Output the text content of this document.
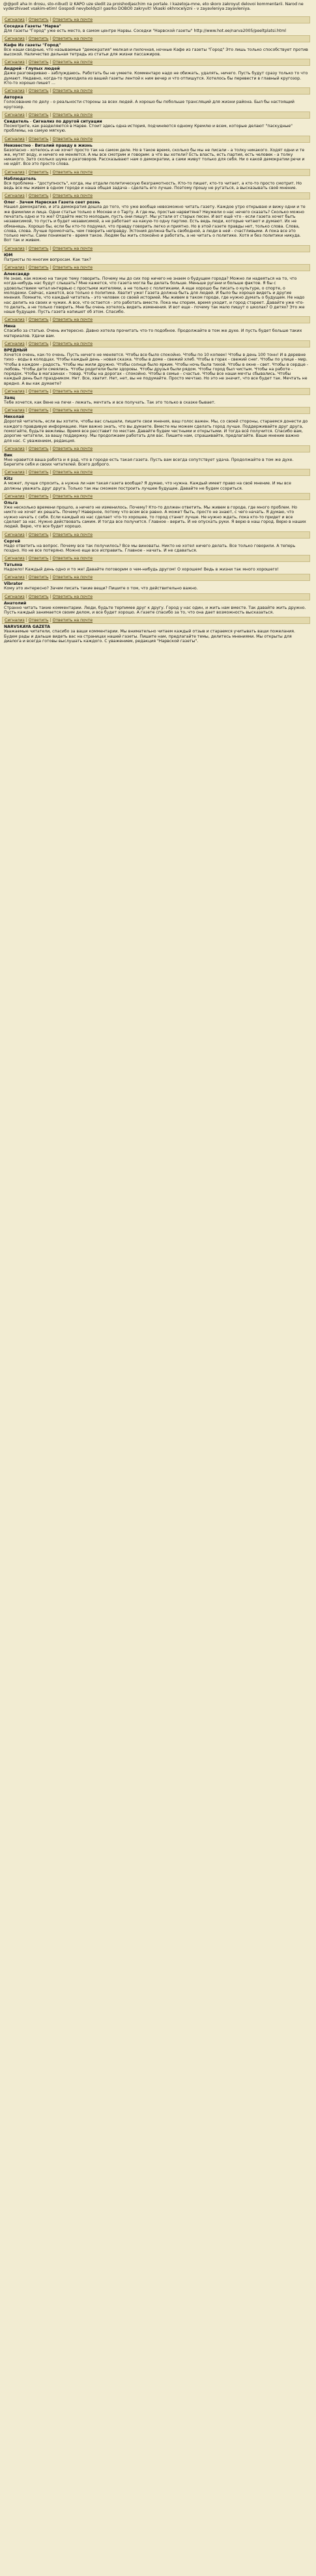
@@poll aha In drosu, sto-nibud) iz KAPO uze sledit za proishodjaschim na portale. I kazetoja-mne, eto skoro zakroyut delovoi kommentarii. Narod ne vyderzhivaet vsakim-etim! Gospodi nevyboldyzi! gasrko DOBO0 zakryvit! Vkaski okhrocelyzni - v zayavleniya zayavleniya.
Сигнализ | Ответить | Ответить на почте
Соседка Газеты "Нарва"
Для газеты "Город" уже есть место, в самом центре Нарвы. Соседки "Нарвской газеты" http://www.hot.ee/narva2005/peeltplatsi.html
Сигнализ | Ответить | Ответить на почте
Кафе Из газеты "Город"
Все наши сводные, что называемые "демократия" мелкая и пилочная, ночные Кафе из газеты "Город" Это лишь только способствует против высокой. Наличество дельная тетрадь из статьи для жизни пассажиров.
Сигнализ | Ответить | Ответить на почте
Андрей - Глупых людей
Даже разговариваю - заблуждаюсь. Работать бы не умеете. Комментаро надо не обижать, удалять, ничего. Пусть будут сразу только то что думают. Недавно, когда-то приходила из вашей газеты лентой к ним вечер и что отпишутся. Хотелось бы перевести в главный кругозор. Кто-то хорошо пишет ...
Сигнализ | Ответить | Ответить на почте
Авторка
Голосование по делу - о реальности стороны за всех людей. А хорошо бы побольше трансляций для жизни района. Был бы настоящий кругозор.
Сигнализ | Ответить | Ответить на почте
Свидетель - Сигнализ по другой ситуации
Посмотрите, как разделяются в Нарве. Стоит здесь одна история, подчиняются одному Кремлю и всем, которые делают "паскудные" проблемы, на самую мягкую.
Сигнализ | Ответить | Ответить на почте
Неизвестно - Виталий правду в жизнь
Безопасно - хотелось и не хочет просто так на самом деле. Но в такое время, сколько бы мы не писали - а толку никакого. Ходят одни и те же, мутят воду, и ничего не меняется. А мы все смотрим и говорим: а что вы хотели? Есть власть, есть партия, есть человек - а толку никакого. Зато сколько шума и разговоров. Рассказывают нам о демократии, а сами живут только для себя. Ни о какой демократии речи и не идёт. Все это просто слова.
Сигнализ | Ответить | Ответить на почте
Наблюдатель
Вся проблема - "доступность", когда, мы отдали политическую безграмотность. Кто-то пишет, кто-то читает, а кто-то просто смотрит. Но ведь все мы живем в одном городе и наша общая задача - сделать его лучше. Поэтому прошу не ругаться, а высказывать своё мнение.
Сигнализ | Ответить | Ответить на почте
Олег - Зачем Нарвская Газета сеет рознь
Нашел демократию, и эта демократия дошла до того, что уже вообще невозможно читать газету. Каждое утро открываю и вижу одни и те же фамилии и лица. Одни статьи только о Москве и о Тарту. А где мы, простые нарвитяне? Неужели о нас нечего сказать? Сколько можно печатать одно и то же? Отдайте место молодым, пусть они пишут. Мы устали от старых песен. И вот ещё что - если газета хочет быть независимой, то пусть и будет независимой, а не работает на какую-то одну партию. Есть ведь люди, которые читают и думают. Их не обманешь. Хорошо бы, если бы кто-то подумал, что правду говорить легко и приятно. Но в этой газете правды нет, только слова. Слова, слова, слова. Лучше промолчать, чем говорить неправду. Эстония должна быть свободной, а люди в ней - счастливыми. А пока все это только мечты. Сами понимаете - время такое. Людям бы жить спокойно и работать, а не читать о политике. Хотя и без политики никуда. Вот так и живем.
Сигнализ | Ответить | Ответить на почте
ЮМ
Патриоты по многим вопросам. Как так?
Сигнализ | Ответить | Ответить на почте
Александр
Не знаю, как можно на такую тему говорить. Почему мы до сих пор ничего не знаем о будущем города? Можно ли надеяться на то, что когда-нибудь нас будут слышать? Мне кажется, что газета могла бы делать больше. Меньше ругани и больше фактов. Я бы с удовольствием читал интервью с простыми жителями, а не только с политиками. А еще хорошо бы писать о культуре, о спорте, о молодежи. Сейчас, кажется, все только о политике. Хватит уже! Газета должна быть для людей. И было бы хорошо видеть и другие мнения. Помните, что каждый читатель - это человек со своей историей. Мы живем в таком городе, где нужно думать о будущем. Не надо нас делить на своих и чужих. А все, что остается - это работать вместе. Пока мы спорим, время уходит, и город стареет. Давайте уже что-то делать, а не только говорить. Мне бы очень хотелось видеть изменения. И вот еще - почему так мало пишут о школах? О детях? Это же наше будущее. Пусть газета напишет об этом. Спасибо.
Сигнализ | Ответить | Ответить на почте
Нина
Спасибо за статью. Очень интересно. Давно хотела прочитать что-то подобное. Продолжайте в том же духе. И пусть будет больше таких материалов. Удачи вам.
Сигнализ | Ответить | Ответить на почте
ВРЕДНЫЙ
Хочется очень, как-то очень. Пусть ничего не меняется. Чтобы все было спокойно. Чтобы по 10 копеек! Чтобы в день 100 тонн! И в деревне тихо - воды в колодцах. Чтобы каждый день - новая сказка. Чтобы в доме - свежий хлеб. Чтобы в горах - свежий снег. Чтобы по улице - мир. Чтобы в каждом - радость. Чтобы мы жили дружно. Чтобы солнце было ярким. Чтобы ночь была тихой. Чтобы в окне - свет. Чтобы в сердце - любовь. Чтобы дети смеялись. Чтобы родители были здоровы. Чтобы друзья были рядом. Чтобы город был чистым. Чтобы на работе - порядок. Чтобы в магазинах - товар. Чтобы на дорогах - спокойно. Чтобы в семье - счастье. Чтобы все наши мечты сбывались. Чтобы каждый день был праздником. Нет. Все, хватит. Нет, нет, вы не подумайте. Просто мечтаю. Но это не значит, что все будет так. Мечтать не вредно. А вы как думаете?
Сигнализ | Ответить | Ответить на почте
Заяц
Тебе хочется, как Вене на печи - лежать, мечтать и все получать. Так это только в сказке бывает.
Сигнализ | Ответить | Ответить на почте
Николай
Дорогой читатель, если вы хотите, чтобы вас слышали, пишите свои мнения, ваш голос важен. Мы, со своей стороны, стараемся донести до каждого правдивую информацию. Нам важно знать, что вы думаете. Вместе мы можем сделать город лучше. Поддерживайте друг друга, помогайте, будьте вежливы. Время все расставит по местам. Давайте будем честными и открытыми. И тогда всё получится. Спасибо вам, дорогие читатели, за вашу поддержку. Мы продолжаем работать для вас. Пишите нам, спрашивайте, предлагайте. Ваше мнение важно для нас. С уважением, редакция.
Сигнализ | Ответить | Ответить на почте
Вик
Мне нравится ваша работа и я рад, что в городе есть такая газета. Пусть вам всегда сопутствует удача. Продолжайте в том же духе. Берегите себя и своих читателей. Всего доброго.
Сигнализ | Ответить | Ответить на почте
Kitz
А может, лучше спросить, а нужна ли нам такая газета вообще? Я думаю, что нужна. Каждый имеет право на своё мнение. И мы все должны уважать друг друга. Только так мы сможем построить лучшее будущее. Давайте не будем ссориться.
Сигнализ | Ответить | Ответить на почте
Ольга
Уже несколько времени прошло, а ничего не изменилось. Почему? Кто-то должен ответить. Мы живем в городе, где много проблем. Но никто не хочет их решать. Почему? Наверное, потому что всем все равно. А может быть, просто не знают, с чего начать. Я думаю, что нужно начать с себя. Если каждый из нас сделает что-то хорошее, то город станет лучше. Не нужно ждать, пока кто-то придет и все сделает за нас. Нужно действовать самим. И тогда все получится. Главное - верить. И не опускать руки. Я верю в наш город. Верю в наших людей. Верю, что все будет хорошо.
Сигнализ | Ответить | Ответить на почте
Сергей
Надо ответить на вопрос. Почему все так получилось? Все мы виноваты. Никто не хотел ничего делать. Все только говорили. А теперь поздно. Но не все потеряно. Можно еще все исправить. Главное - начать. И не сдаваться.
Сигнализ | Ответить | Ответить на почте
Татьяна
Надоело! Каждый день одно и то же! Давайте поговорим о чем-нибудь другом! О хорошем! Ведь в жизни так много хорошего!
Сигнализ | Ответить | Ответить на почте
Vibrator
Кому это интересно? Зачем писать такие вещи? Пишите о том, что действительно важно.
Сигнализ | Ответить | Ответить на почте
Анатолий
Странно читать такие комментарии. Люди, будьте терпимее друг к другу. Город у нас один, и жить нам вместе. Так давайте жить дружно. Пусть каждый занимается своим делом, и все будет хорошо. А газете спасибо за то, что она дает возможность высказаться.
Сигнализ | Ответить | Ответить на почте
NARVSKAYA GAZETA
Уважаемые читатели, спасибо за ваши комментарии. Мы внимательно читаем каждый отзыв и стараемся учитывать ваши пожелания. Будем рады и дальше видеть вас на страницах нашей газеты. Пишите нам, предлагайте темы, делитесь мнениями. Мы открыты для диалога и всегда готовы выслушать каждого. С уважением, редакция "Нарвской газеты".
